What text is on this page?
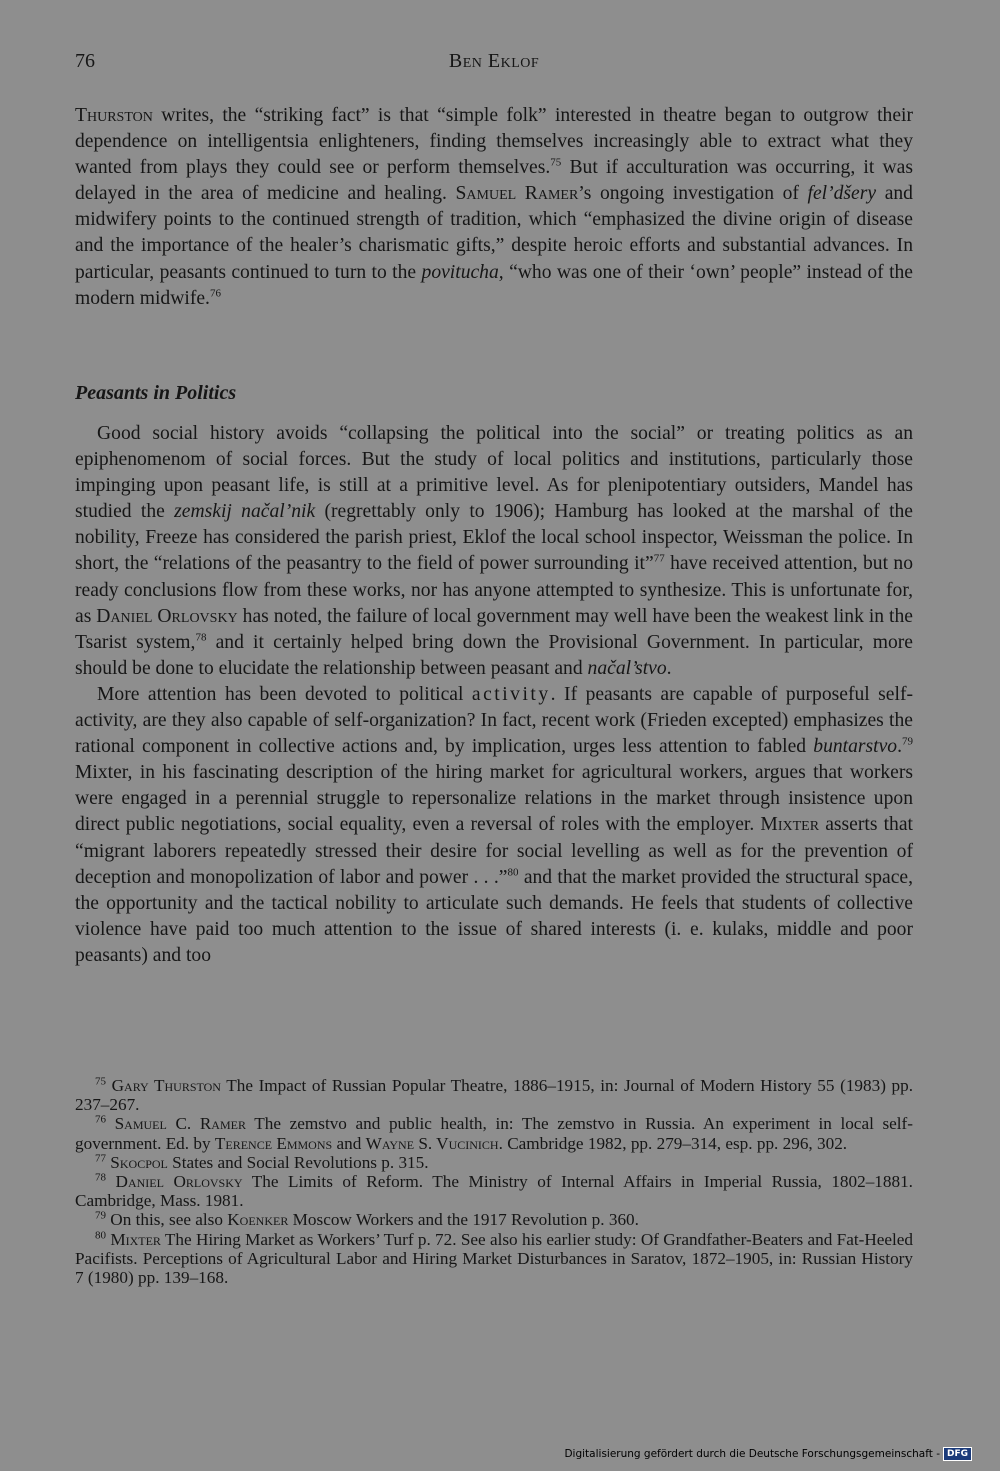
76	Ben Eklof

Thurston writes, the “striking fact” is that “simple folk” interested in theatre began to outgrow their dependence on intelligentsia enlighteners, finding themselves increasingly able to extract what they wanted from plays they could see or perform themselves.$^{75}$ But if acculturation was occurring, it was delayed in the area of medicine and healing. Samuel Ramer’s ongoing investigation of fel’dšery and midwifery points to the continued strength of tradition, which “emphasized the divine origin of disease and the importance of the healer’s charismatic gifts,” despite heroic efforts and substantial advances. In particular, peasants continued to turn to the povitucha, “who was one of their ‘own’ people” instead of the modern midwife.$^{76}$

Peasants in Politics

Good social history avoids “collapsing the political into the social” or treating politics as an epiphenomenom of social forces. But the study of local politics and institutions, particularly those impinging upon peasant life, is still at a primitive level. As for plenipotentiary outsiders, Mandel has studied the zemskij načal’nik (regrettably only to 1906); Hamburg has looked at the marshal of the nobility, Freeze has considered the parish priest, Eklof the local school inspector, Weissman the police. In short, the “relations of the peasantry to the field of power surrounding it”$^{77}$ have received attention, but no ready conclusions flow from these works, nor has anyone attempted to synthesize. This is unfortunate for, as Daniel Orlovsky has noted, the failure of local government may well have been the weakest link in the Tsarist system,$^{78}$ and it certainly helped bring down the Provisional Government. In particular, more should be done to elucidate the relationship between peasant and načal’stvo.

More attention has been devoted to political activity. If peasants are capable of purposeful self-activity, are they also capable of self-organization? In fact, recent work (Frieden excepted) emphasizes the rational component in collective actions and, by implication, urges less attention to fabled buntarstvo.$^{79}$ Mixter, in his fascinating description of the hiring market for agricultural workers, argues that workers were engaged in a perennial struggle to repersonalize relations in the market through insistence upon direct public negotiations, social equality, even a reversal of roles with the employer. Mixter asserts that “migrant laborers repeatedly stressed their desire for social levelling as well as for the prevention of deception and monopolization of labor and power . . .”$^{80}$ and that the market provided the structural space, the opportunity and the tactical nobility to articulate such demands. He feels that students of collective violence have paid too much attention to the issue of shared interests (i. e. kulaks, middle and poor peasants) and too

$^{75}$ Gary Thurston The Impact of Russian Popular Theatre, 1886–1915, in: Journal of Modern History 55 (1983) pp. 237–267.

$^{76}$ Samuel C. Ramer The zemstvo and public health, in: The zemstvo in Russia. An experiment in local self-government. Ed. by Terence Emmons and Wayne S. Vucinich. Cambridge 1982, pp. 279–314, esp. pp. 296, 302.

$^{77}$ Skocpol States and Social Revolutions p. 315.

$^{78}$ Daniel Orlovsky The Limits of Reform. The Ministry of Internal Affairs in Imperial Russia, 1802–1881. Cambridge, Mass. 1981.

$^{79}$ On this, see also Koenker Moscow Workers and the 1917 Revolution p. 360.

$^{80}$ Mixter The Hiring Market as Workers’ Turf p. 72. See also his earlier study: Of Grandfather-Beaters and Fat-Heeled Pacifists. Perceptions of Agricultural Labor and Hiring Market Disturbances in Saratov, 1872–1905, in: Russian History 7 (1980) pp. 139–168.

Digitalisierung gefördert durch die Deutsche Forschungsgemeinschaft - DFG
